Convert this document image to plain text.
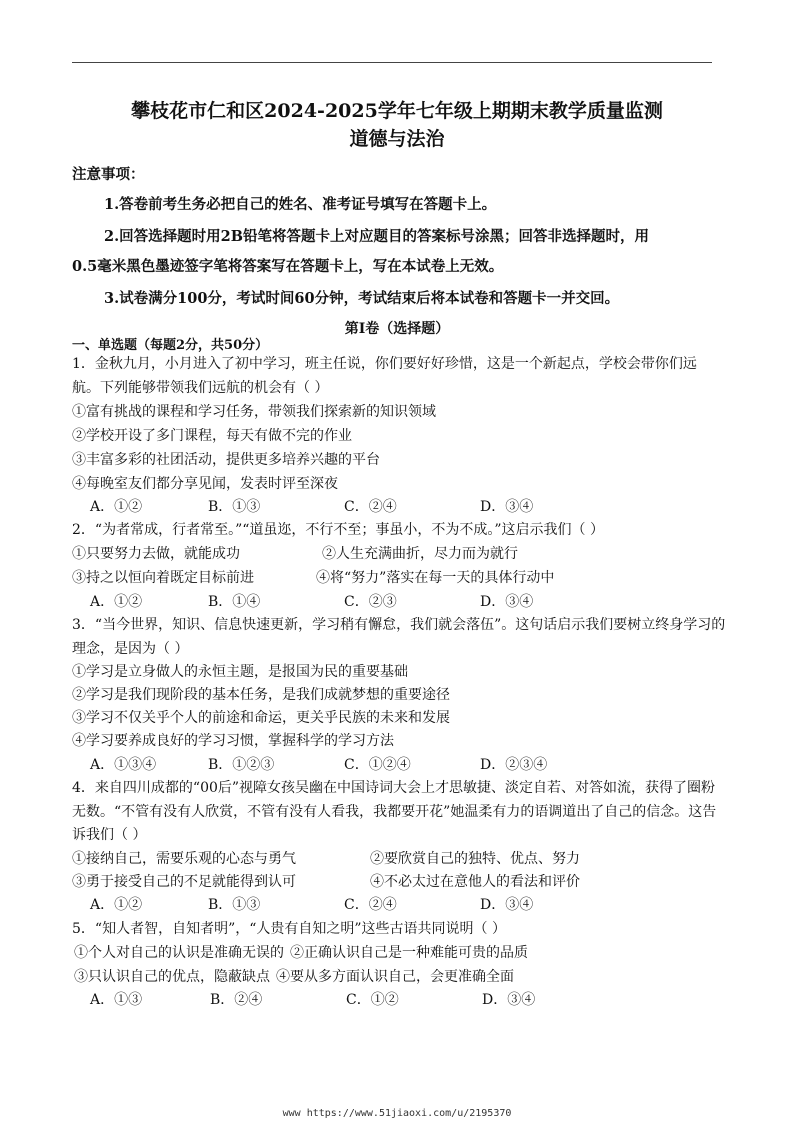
攀枝花市仁和区2024-2025学年七年级上期期末教学质量监测
道德与法治
注意事项：
1.答卷前考生务必把自己的姓名、准考证号填写在答题卡上。
2.回答选择题时用2B铅笔将答题卡上对应题目的答案标号涂黑；回答非选择题时，用
0.5毫米黑色墨迹签字笔将答案写在答题卡上，写在本试卷上无效。
3.试卷满分100分，考试时间60分钟，考试结束后将本试卷和答题卡一并交回。
第I卷（选择题）
一、单选题（每题2分，共50分）
1．金秋九月，小月进入了初中学习，班主任说，你们要好好珍惜，这是一个新起点，学校会带你们远
航。下列能够带领我们远航的机会有（ ）
①富有挑战的课程和学习任务，带领我们探索新的知识领域
②学校开设了多门课程，每天有做不完的作业
③丰富多彩的社团活动，提供更多培养兴趣的平台
④每晚室友们都分享见闻，发表时评至深夜
A．①②	B．①③	C．②④	D．③④
2．“为者常成，行者常至。”“道虽迩，不行不至；事虽小，不为不成。”这启示我们（ ）
①只要努力去做，就能成功	②人生充满曲折，尽力而为就行
③持之以恒向着既定目标前进	④将“努力”落实在每一天的具体行动中
A．①②	B．①④	C．②③	D．③④
3．“当今世界，知识、信息快速更新，学习稍有懈怠，我们就会落伍”。这句话启示我们要树立终身学习的
理念，是因为（ ）
①学习是立身做人的永恒主题，是报国为民的重要基础
②学习是我们现阶段的基本任务，是我们成就梦想的重要途径
③学习不仅关乎个人的前途和命运，更关乎民族的未来和发展
④学习要养成良好的学习习惯，掌握科学的学习方法
A．①③④	B．①②③	C．①②④	D．②③④
4．来自四川成都的“00后”视障女孩吴幽在中国诗词大会上才思敏捷、淡定自若、对答如流，获得了圈粉
无数。“不管有没有人欣赏，不管有没有人看我，我都要开花”她温柔有力的语调道出了自己的信念。这告
诉我们（ ）
①接纳自己，需要乐观的心态与勇气	②要欣赏自己的独特、优点、努力
③勇于接受自己的不足就能得到认可	④不必太过在意他人的看法和评价
A．①②	B．①③	C．②④	D．③④
5．“知人者智，自知者明”，“人贵有自知之明”这些古语共同说明（ ）
①个人对自己的认识是准确无误的 ②正确认识自己是一种难能可贵的品质
③只认识自己的优点，隐蔽缺点 ④要从多方面认识自己，会更准确全面
A．①③	B．②④	C．①②	D．③④
www https://www.51jiaoxi.com/u/2195370
